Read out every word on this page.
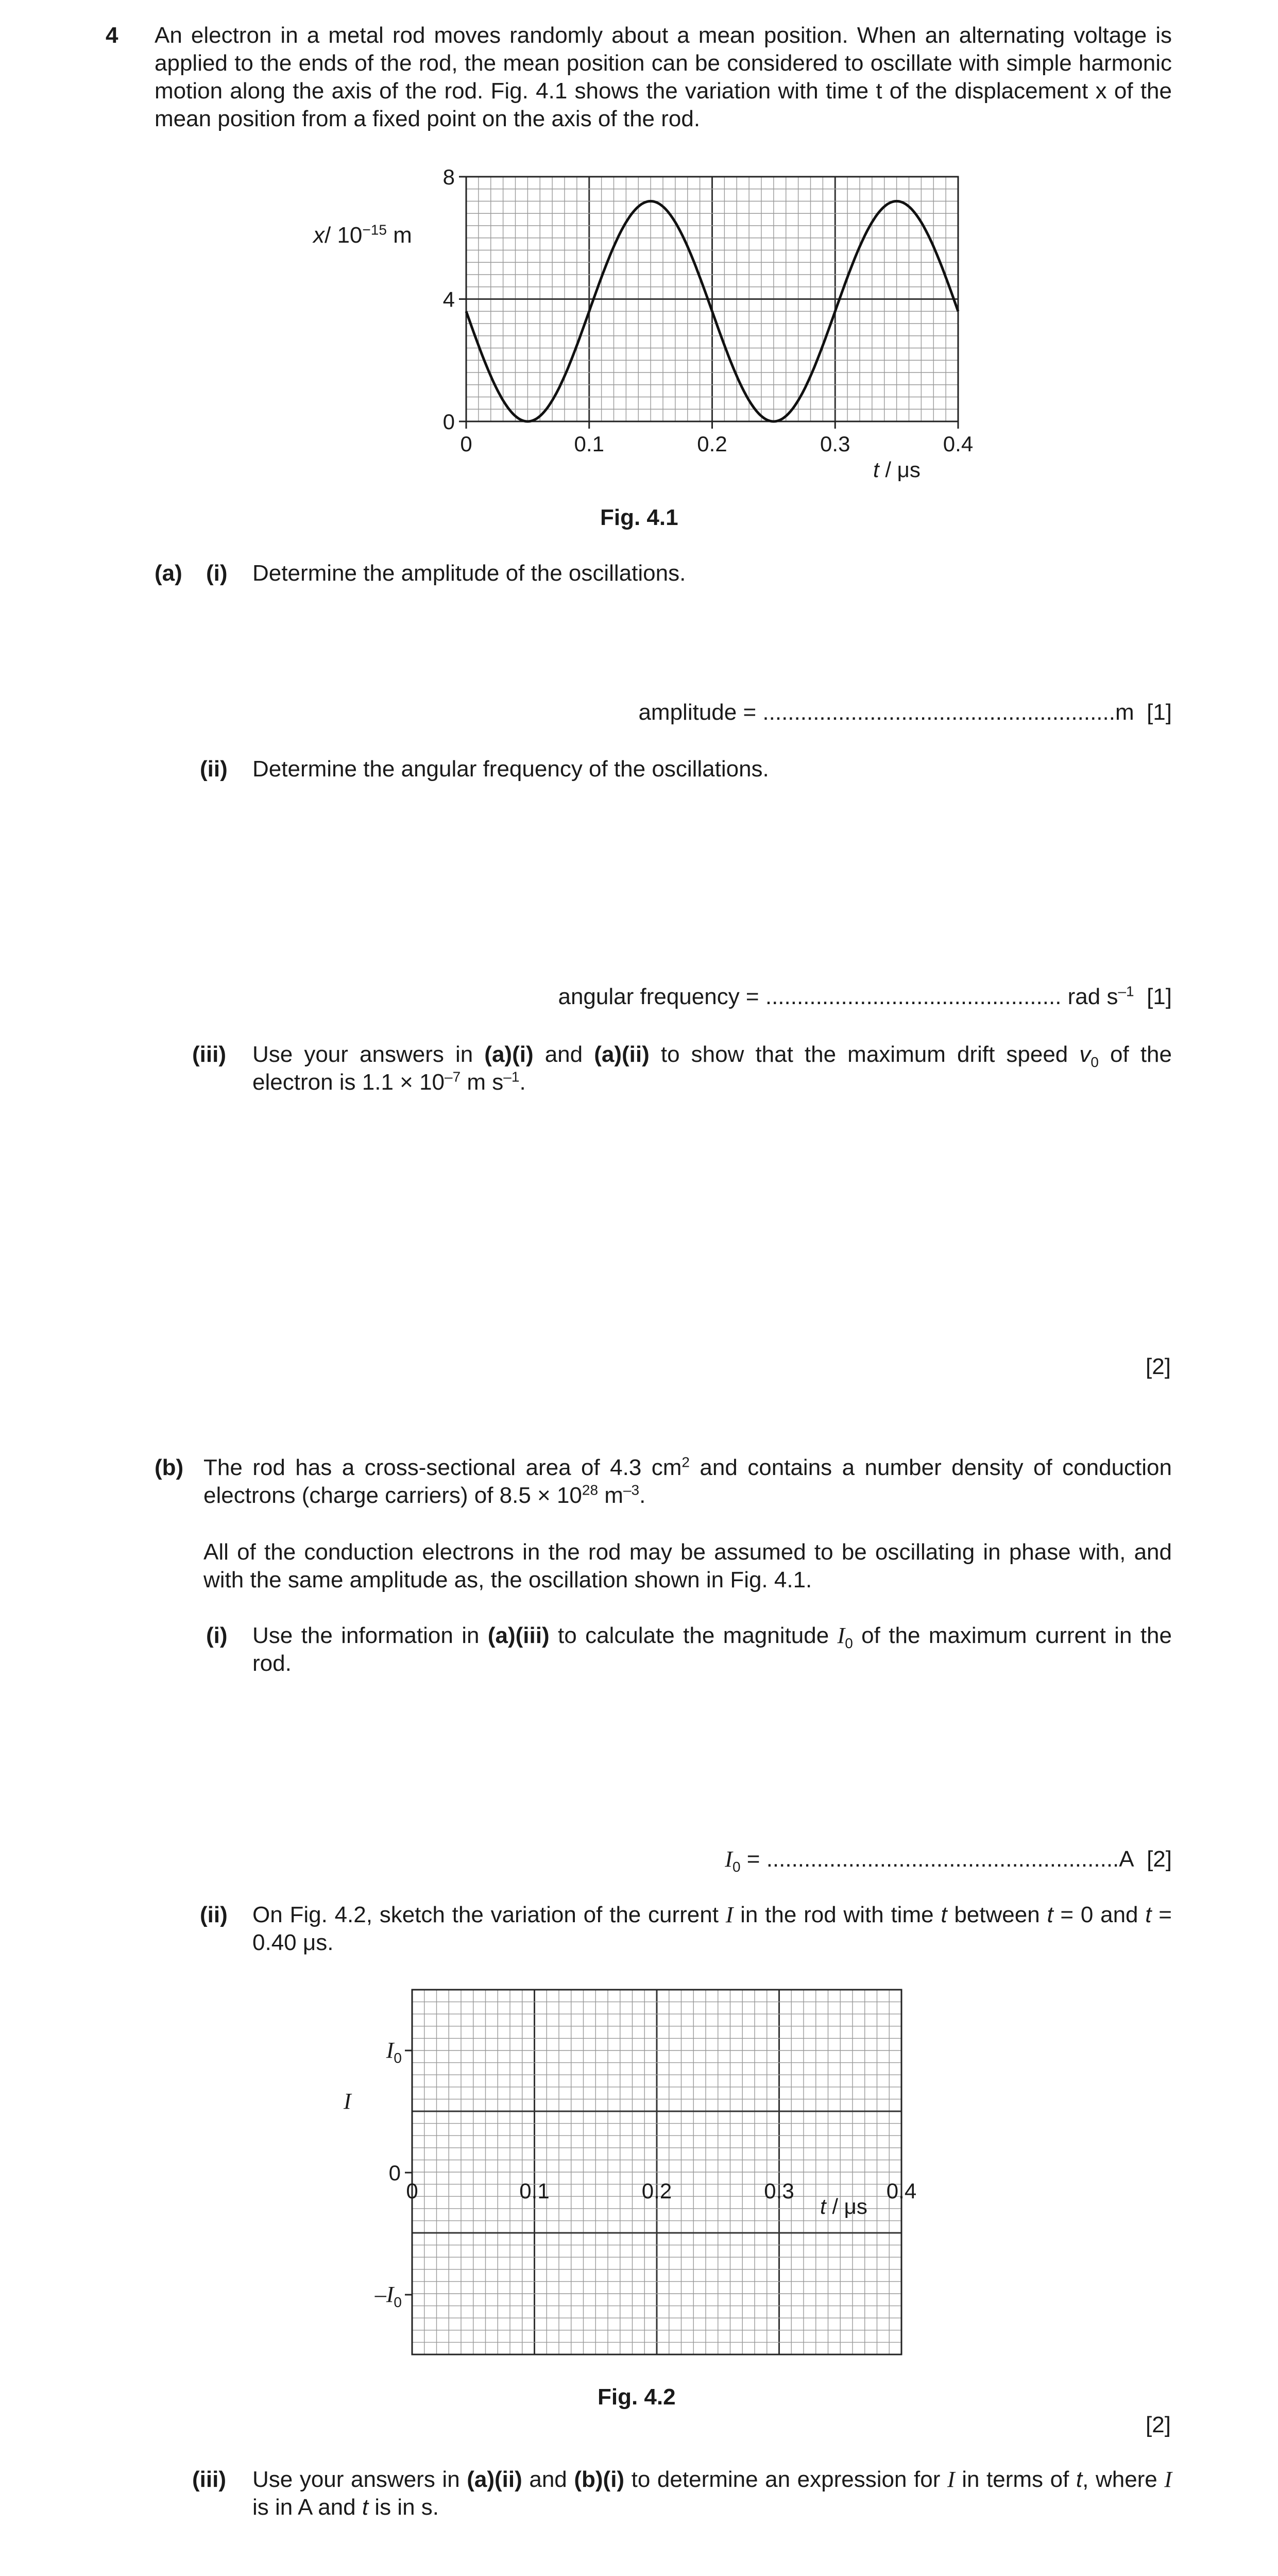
4 An electron in a metal rod moves randomly about a mean position. When an alternating voltage is applied to the ends of the rod, the mean position can be considered to oscillate with simple harmonic motion along the axis of the rod. Fig. 4.1 shows the variation with time t of the displacement x of the mean position from a fixed point on the axis of the rod.
x/ $10^{-15}$ m
0
4
8
0	0.1	0.2	0.3	0.4
t / μs
Fig. 4.1
(a) (i) Determine the amplitude of the oscillations.
amplitude = ........................................................m [1]
(ii) Determine the angular frequency of the oscillations.
angular frequency = ............................................... rad $s^{-1}$ [1]
(iii) Use your answers in (a)(i) and (a)(ii) to show that the maximum drift speed $v_0$ of the electron is $1.1 \times 10^{-7}$ m $s^{-1}$.
[2]
(b) The rod has a cross-sectional area of 4.3 $cm^2$ and contains a number density of conduction electrons (charge carriers) of $8.5 \times 10^{28}$ $m^{-3}$.
All of the conduction electrons in the rod may be assumed to be oscillating in phase with, and with the same amplitude as, the oscillation shown in Fig. 4.1.
(i) Use the information in (a)(iii) to calculate the magnitude $I_0$ of the maximum current in the rod.
$I_0 = ........................................................A$ [2]
(ii) On Fig. 4.2, sketch the variation of the current I in the rod with time t between t = 0 and t = 0.40 μs.
I
$I_0$
0
$-I_0$
0	0.1	0.2	0.3	0.4
t / μs
Fig. 4.2
[2]
(iii) Use your answers in (a)(ii) and (b)(i) to determine an expression for I in terms of t, where I is in A and t is in s.
